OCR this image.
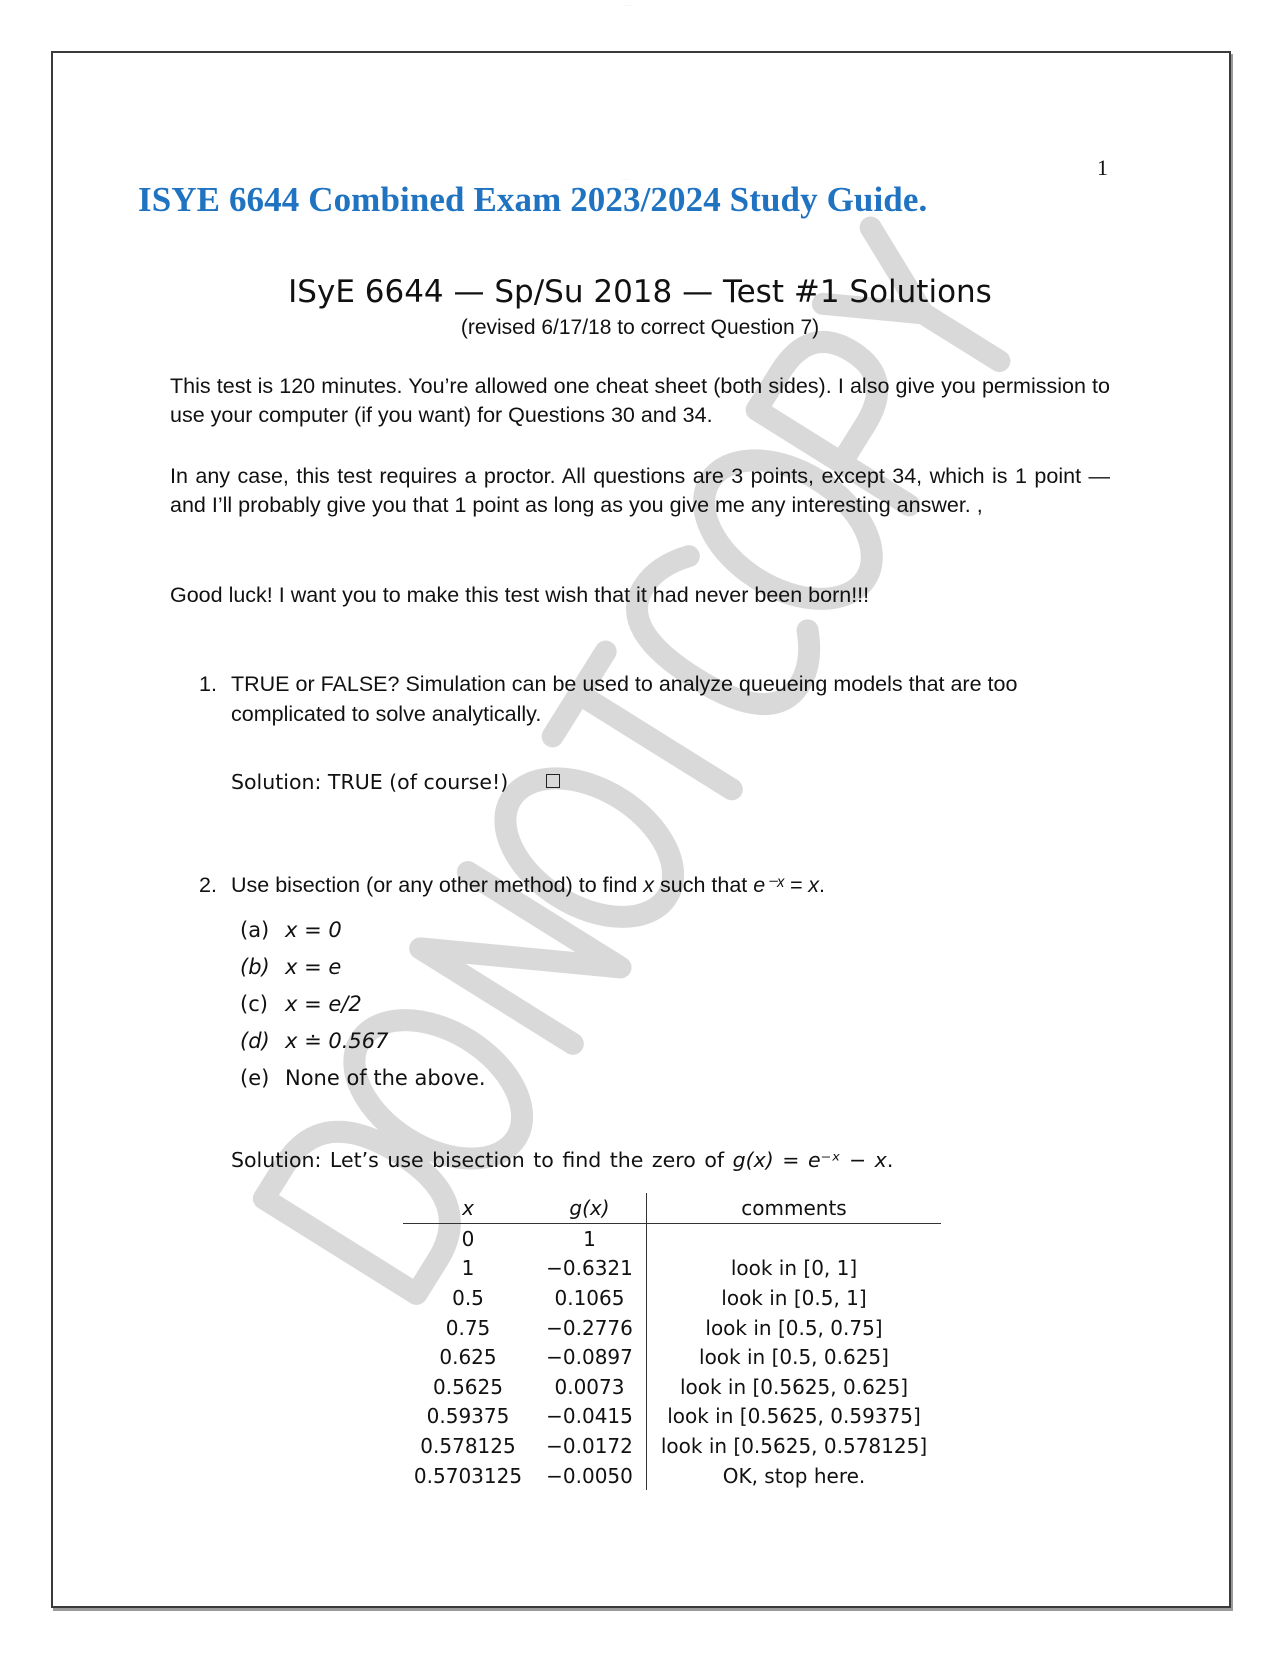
········
·······	1
ISYE 6644 Combined Exam 2023/2024 Study Guide.
ISyE 6644 — Sp/Su 2018 — Test #1 Solutions
(revised 6/17/18 to correct Question 7)
This test is 120 minutes. You’re allowed one cheat sheet (both sides). I also give you permission to use your computer (if you want) for Questions 30 and 34.
In any case, this test requires a proctor. All questions are 3 points, except 34, which is 1 point — and I’ll probably give you that 1 point as long as you give me any interesting answer. ,
Good luck! I want you to make this test wish that it had never been born!!!
1. TRUE or FALSE? Simulation can be used to analyze queueing models that are too complicated to solve analytically.
Solution: TRUE (of course!)
2. Use bisection (or any other method) to find x such that e⁻ˣ = x.
(a) x = 0
(b) x = e
(c) x = e/2
(d) x ≐ 0.567
(e) None of the above.
Solution: Let’s use bisection to find the zero of g(x) = e⁻ˣ − x.
x	g(x)	comments
0	1	
1	−0.6321	look in [0, 1]
0.5	0.1065	look in [0.5, 1]
0.75	−0.2776	look in [0.5, 0.75]
0.625	−0.0897	look in [0.5, 0.625]
0.5625	0.0073	look in [0.5625, 0.625]
0.59375	−0.0415	look in [0.5625, 0.59375]
0.578125	−0.0172	look in [0.5625, 0.578125]
0.5703125	−0.0050	OK, stop here.
